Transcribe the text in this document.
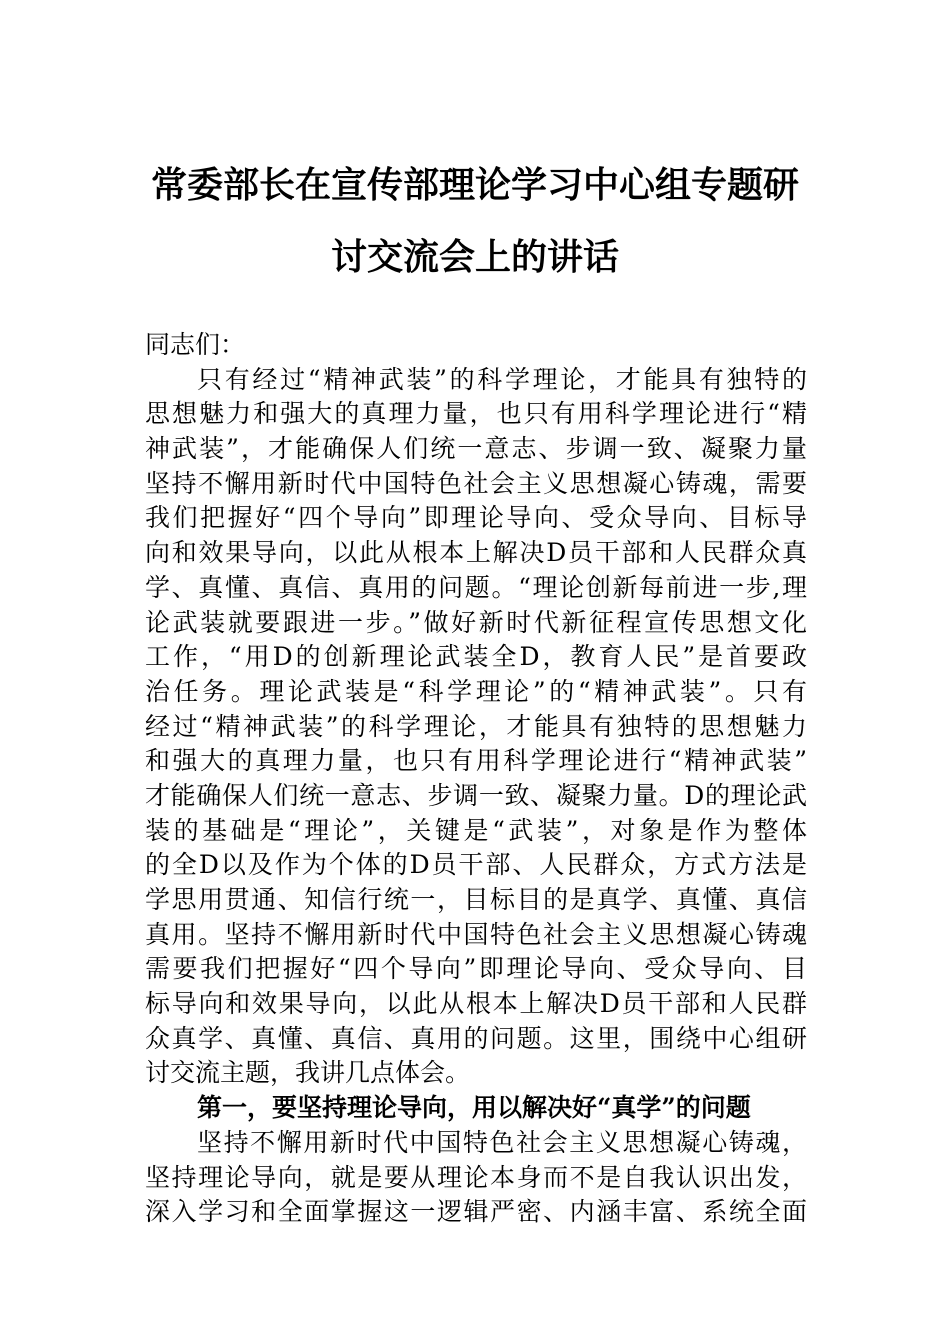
常委部长在宣传部理论学习中心组专题研
讨交流会上的讲话
同志们：
只有经过“精神武装”的科学理论，才能具有独特的
思想魅力和强大的真理力量，也只有用科学理论进行“精
神武装”，才能确保人们统一意志、步调一致、凝聚力量
坚持不懈用新时代中国特色社会主义思想凝心铸魂，需要
我们把握好“四个导向”即理论导向、受众导向、目标导
向和效果导向，以此从根本上解决D员干部和人民群众真
学、真懂、真信、真用的问题。“理论创新每前进一步,理
论武装就要跟进一步。”做好新时代新征程宣传思想文化
工作，“用D的创新理论武装全D，教育人民”是首要政
治任务。理论武装是“科学理论”的“精神武装”。只有
经过“精神武装”的科学理论，才能具有独特的思想魅力
和强大的真理力量，也只有用科学理论进行“精神武装”
才能确保人们统一意志、步调一致、凝聚力量。D的理论武
装的基础是“理论”，关键是“武装”，对象是作为整体
的全D以及作为个体的D员干部、人民群众，方式方法是
学思用贯通、知信行统一，目标目的是真学、真懂、真信
真用。坚持不懈用新时代中国特色社会主义思想凝心铸魂
需要我们把握好“四个导向”即理论导向、受众导向、目
标导向和效果导向，以此从根本上解决D员干部和人民群
众真学、真懂、真信、真用的问题。这里，围绕中心组研
讨交流主题，我讲几点体会。
第一，要坚持理论导向，用以解决好“真学”的问题
坚持不懈用新时代中国特色社会主义思想凝心铸魂，
坚持理论导向，就是要从理论本身而不是自我认识出发，
深入学习和全面掌握这一逻辑严密、内涵丰富、系统全面
